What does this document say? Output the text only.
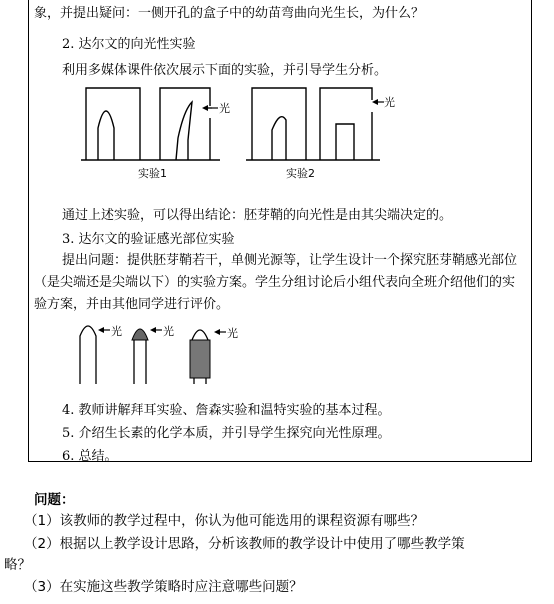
象，并提出疑问：一侧开孔的盒子中的幼苗弯曲向光生长，为什么？
2. 达尔文的向光性实验
利用多媒体课件依次展示下面的实验，并引导学生分析。
光	光
实验1	实验2
通过上述实验，可以得出结论：胚芽鞘的向光性是由其尖端决定的。
3. 达尔文的验证感光部位实验
提出问题：提供胚芽鞘若干，单侧光源等，让学生设计一个探究胚芽鞘感光部位（是尖端还是尖端以下）的实验方案。学生分组讨论后小组代表向全班介绍他们的实验方案，并由其他同学进行评价。
光	光	光
4. 教师讲解拜耳实验、詹森实验和温特实验的基本过程。
5. 介绍生长素的化学本质，并引导学生探究向光性原理。
6. 总结。
问题：
（1）该教师的教学过程中，你认为他可能选用的课程资源有哪些？
（2）根据以上教学设计思路，分析该教师的教学设计中使用了哪些教学策
略？
（3）在实施这些教学策略时应注意哪些问题？
